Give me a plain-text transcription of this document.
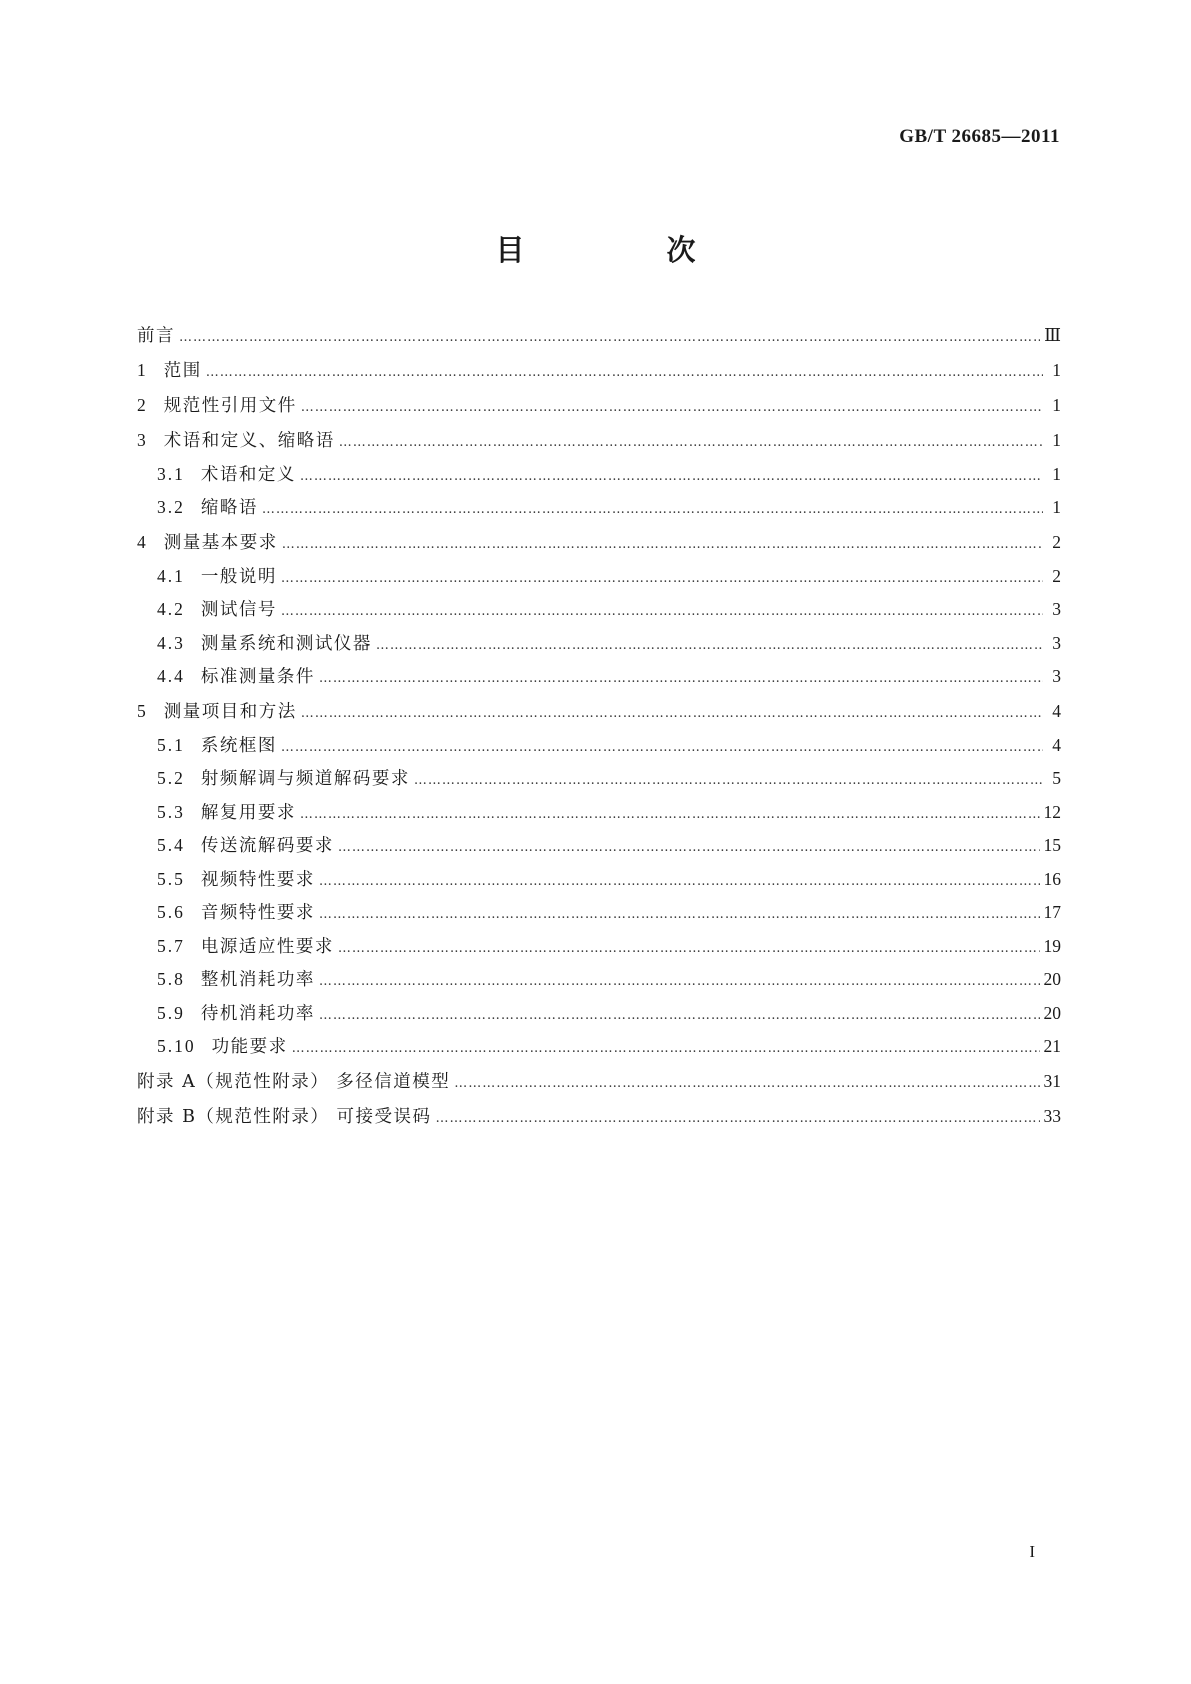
GB/T 26685—2011
目 次
前言 …………………………………………………………………………………………………………………………………………………………………………………………	Ⅲ
1 范围 …………………………………………………………………………………………………………………………………………………………………………………………	1
2 规范性引用文件 …………………………………………………………………………………………………………………………………………………………………………………………	1
3 术语和定义、缩略语 …………………………………………………………………………………………………………………………………………………………………………………………	1
3.1 术语和定义 …………………………………………………………………………………………………………………………………………………………………………………………	1
3.2 缩略语 …………………………………………………………………………………………………………………………………………………………………………………………	1
4 测量基本要求 …………………………………………………………………………………………………………………………………………………………………………………………	2
4.1 一般说明 …………………………………………………………………………………………………………………………………………………………………………………………	2
4.2 测试信号 …………………………………………………………………………………………………………………………………………………………………………………………	3
4.3 测量系统和测试仪器 …………………………………………………………………………………………………………………………………………………………………………………………	3
4.4 标准测量条件 …………………………………………………………………………………………………………………………………………………………………………………………	3
5 测量项目和方法 …………………………………………………………………………………………………………………………………………………………………………………………	4
5.1 系统框图 …………………………………………………………………………………………………………………………………………………………………………………………	4
5.2 射频解调与频道解码要求 …………………………………………………………………………………………………………………………………………………………………………………………	5
5.3 解复用要求 …………………………………………………………………………………………………………………………………………………………………………………………	12
5.4 传送流解码要求 …………………………………………………………………………………………………………………………………………………………………………………………	15
5.5 视频特性要求 …………………………………………………………………………………………………………………………………………………………………………………………	16
5.6 音频特性要求 …………………………………………………………………………………………………………………………………………………………………………………………	17
5.7 电源适应性要求 …………………………………………………………………………………………………………………………………………………………………………………………	19
5.8 整机消耗功率 …………………………………………………………………………………………………………………………………………………………………………………………	20
5.9 待机消耗功率 …………………………………………………………………………………………………………………………………………………………………………………………	20
5.10 功能要求 …………………………………………………………………………………………………………………………………………………………………………………………	21
附录 A（规范性附录） 多径信道模型 …………………………………………………………………………………………………………………………………………………………………………………………	31
附录 B（规范性附录） 可接受误码 …………………………………………………………………………………………………………………………………………………………………………………………	33
I
